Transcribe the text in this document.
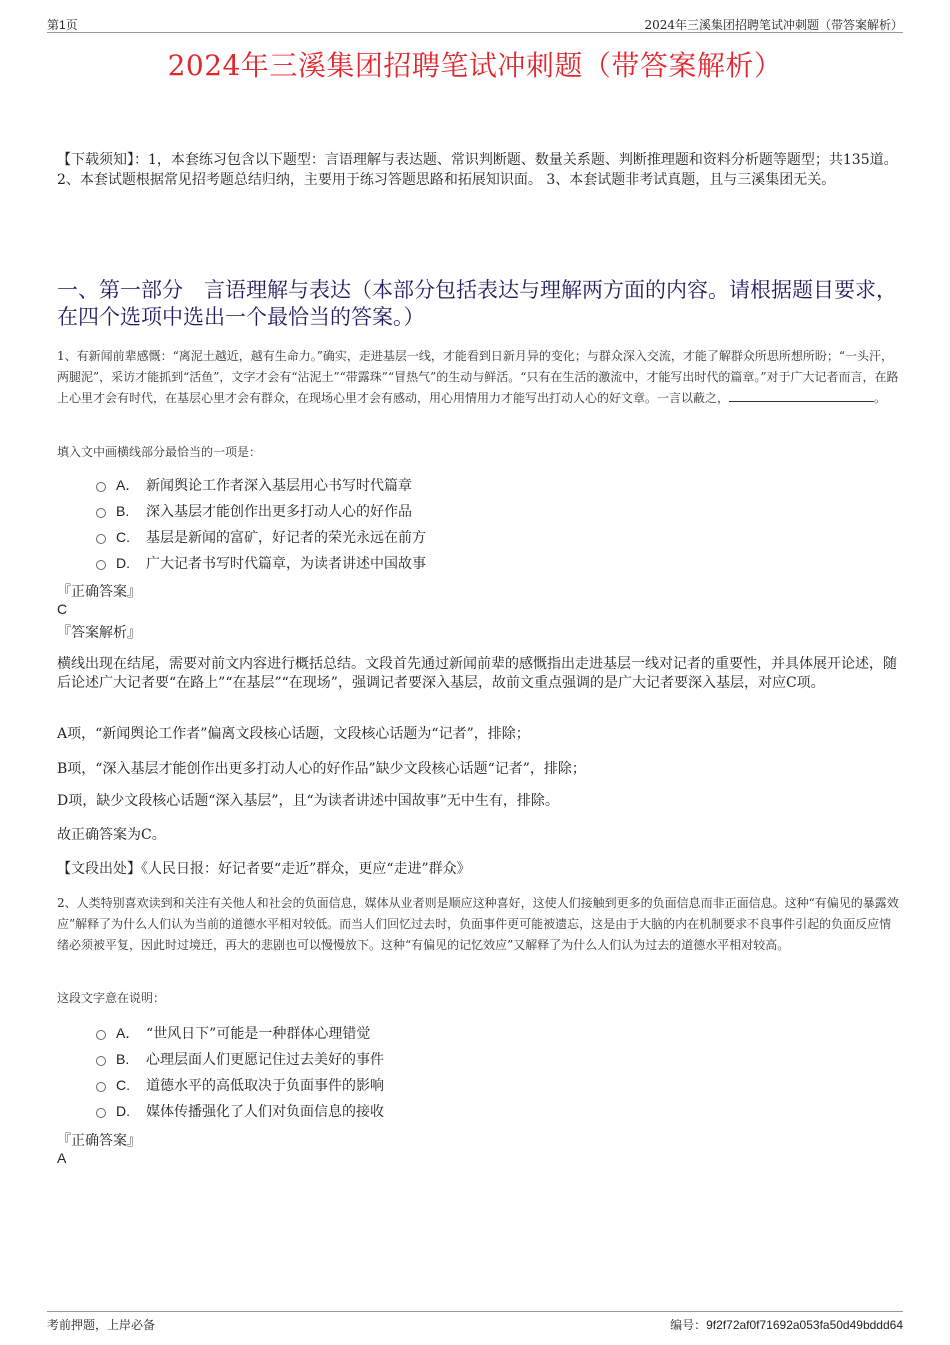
第1页	2024年三溪集团招聘笔试冲刺题（带答案解析）
2024年三溪集团招聘笔试冲刺题（带答案解析）
【下载须知】：1，本套练习包含以下题型：言语理解与表达题、常识判断题、数量关系题、判断推理题和资料分析题等题型；共135道。 2、本套试题根据常见招考题总结归纳，主要用于练习答题思路和拓展知识面。 3、本套试题非考试真题，且与三溪集团无关。
一、第一部分　言语理解与表达（本部分包括表达与理解两方面的内容。请根据题目要求，在四个选项中选出一个最恰当的答案。）
1、有新闻前辈感慨：“离泥土越近，越有生命力。”确实，走进基层一线，才能看到日新月异的变化；与群众深入交流，才能了解群众所思所想所盼；“一头汗，两腿泥”，采访才能抓到“活鱼”，文字才会有“沾泥土”“带露珠”“冒热气”的生动与鲜活。“只有在生活的激流中，才能写出时代的篇章。”对于广大记者而言，在路上心里才会有时代，在基层心里才会有群众，在现场心里才会有感动，用心用情用力才能写出打动人心的好文章。一言以蔽之，	。
填入文中画横线部分最恰当的一项是：
A． 新闻舆论工作者深入基层用心书写时代篇章
B.	深入基层才能创作出更多打动人心的好作品
C.	基层是新闻的富矿，好记者的荣光永远在前方
D.	广大记者书写时代篇章，为读者讲述中国故事
『正确答案』
C
『答案解析』
横线出现在结尾，需要对前文内容进行概括总结。文段首先通过新闻前辈的感慨指出走进基层一线对记者的重要性，并具体展开论述，随后论述广大记者要“在路上”“在基层”“在现场”，强调记者要深入基层，故前文重点强调的是广大记者要深入基层，对应C项。
A项，“新闻舆论工作者”偏离文段核心话题，文段核心话题为“记者”，排除；
B项，“深入基层才能创作出更多打动人心的好作品”缺少文段核心话题“记者”，排除；
D项，缺少文段核心话题“深入基层”，且“为读者讲述中国故事”无中生有，排除。
故正确答案为C。
【文段出处】《人民日报：好记者要“走近”群众，更应“走进”群众》
2、人类特别喜欢读到和关注有关他人和社会的负面信息，媒体从业者则是顺应这种喜好，这使人们接触到更多的负面信息而非正面信息。这种“有偏见的暴露效应”解释了为什么人们认为当前的道德水平相对较低。而当人们回忆过去时，负面事件更可能被遗忘，这是由于大脑的内在机制要求不良事件引起的负面反应情绪必须被平复，因此时过境迁，再大的悲剧也可以慢慢放下。这种“有偏见的记忆效应”又解释了为什么人们认为过去的道德水平相对较高。
这段文字意在说明：
A． “世风日下”可能是一种群体心理错觉
B.	心理层面人们更愿记住过去美好的事件
C.	道德水平的高低取决于负面事件的影响
D.	媒体传播强化了人们对负面信息的接收
『正确答案』
A
考前押题，上岸必备	编号：9f2f72af0f71692a053fa50d49bddd64
